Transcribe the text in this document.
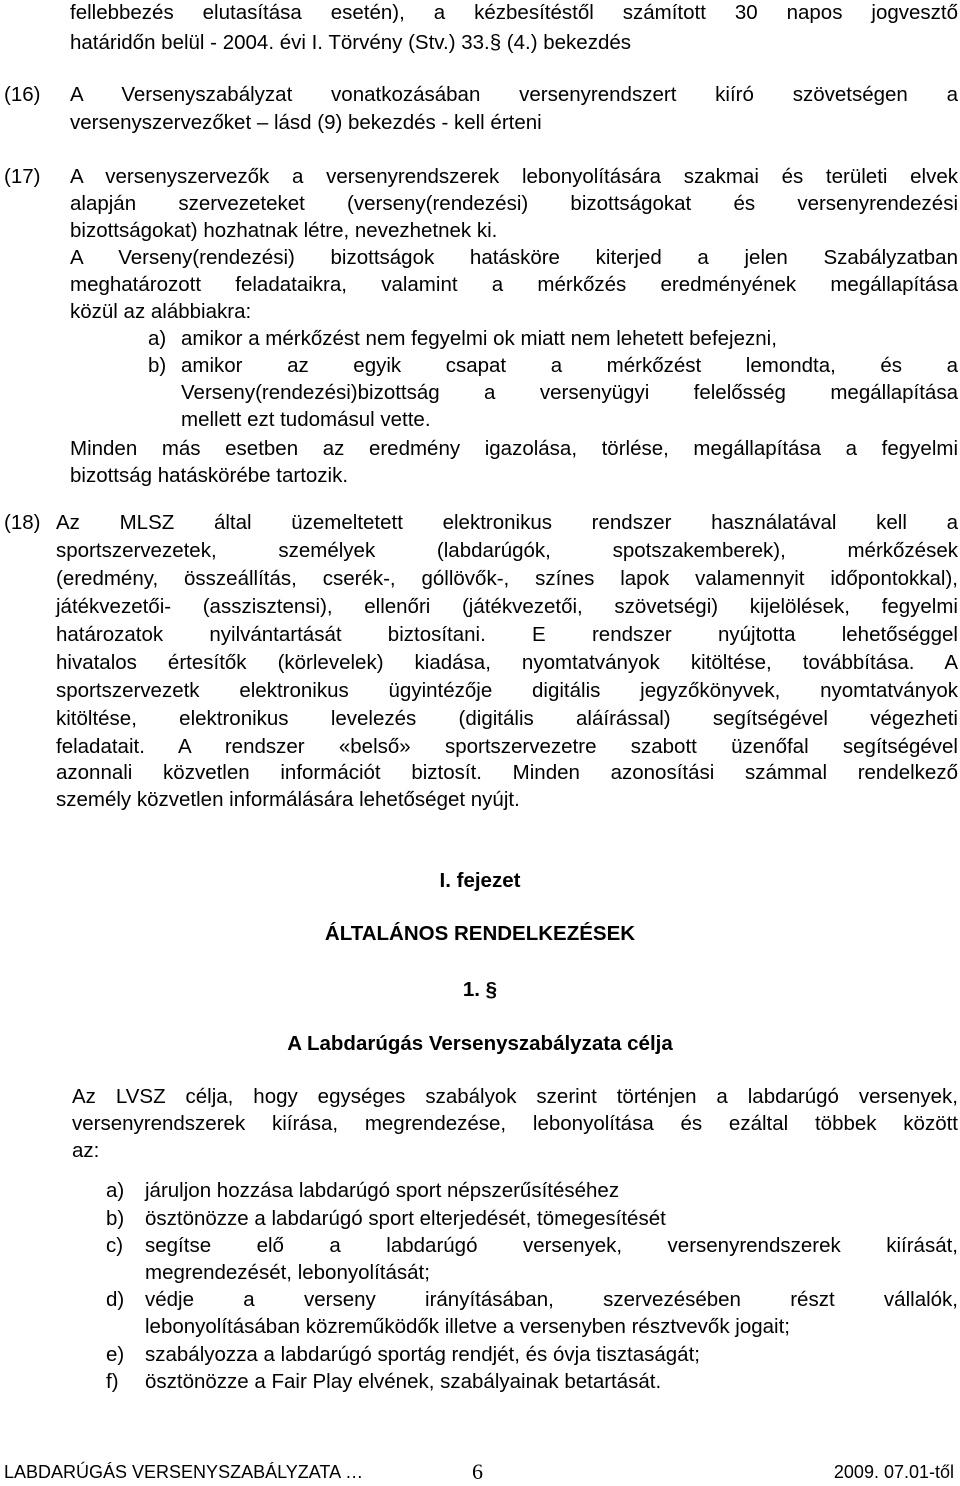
fellebbezés elutasítása esetén), a kézbesítéstől számított 30 napos jogvesztő
határidőn belül - 2004. évi I. Törvény (Stv.) 33.§ (4.) bekezdés
(16) A Versenyszabályzat vonatkozásában versenyrendszert kiíró szövetségen a
versenyszervezőket – lásd (9) bekezdés - kell érteni
(17) A versenyszervezők a versenyrendszerek lebonyolítására szakmai és területi elvek
alapján szervezeteket (verseny(rendezési) bizottságokat és versenyrendezési
bizottságokat) hozhatnak létre, nevezhetnek ki.
A Verseny(rendezési) bizottságok hatásköre kiterjed a jelen Szabályzatban
meghatározott feladataikra, valamint a mérkőzés eredményének megállapítása
közül az alábbiakra:
a) amikor a mérkőzést nem fegyelmi ok miatt nem lehetett befejezni,
b) amikor az egyik csapat a mérkőzést lemondta, és a
Verseny(rendezési)bizottság a versenyügyi felelősség megállapítása
mellett ezt tudomásul vette.
Minden más esetben az eredmény igazolása, törlése, megállapítása a fegyelmi
bizottság hatáskörébe tartozik.
(18) Az MLSZ által üzemeltetett elektronikus rendszer használatával kell a
sportszervezetek, személyek (labdarúgók, spotszakemberek), mérkőzések
(eredmény, összeállítás, cserék-, góllövők-, színes lapok valamennyit időpontokkal),
játékvezetői- (asszisztensi), ellenőri (játékvezetői, szövetségi) kijelölések, fegyelmi
határozatok nyilvántartását biztosítani. E rendszer nyújtotta lehetőséggel
hivatalos értesítők (körlevelek) kiadása, nyomtatványok kitöltése, továbbítása. A
sportszervezetk elektronikus ügyintézője digitális jegyzőkönyvek, nyomtatványok
kitöltése, elektronikus levelezés (digitális aláírással) segítségével végezheti
feladatait. A rendszer «belső» sportszervezetre szabott üzenőfal segítségével
azonnali közvetlen információt biztosít. Minden azonosítási számmal rendelkező
személy közvetlen informálására lehetőséget nyújt.
I. fejezet
ÁLTALÁNOS RENDELKEZÉSEK
1. §
A Labdarúgás Versenyszabályzata célja
Az LVSZ célja, hogy egységes szabályok szerint történjen a labdarúgó versenyek,
versenyrendszerek kiírása, megrendezése, lebonyolítása és ezáltal többek között
az:
a) járuljon hozzása labdarúgó sport népszerűsítéséhez
b) ösztönözze a labdarúgó sport elterjedését, tömegesítését
c) segítse elő a labdarúgó versenyek, versenyrendszerek kiírását,
megrendezését, lebonyolítását;
d) védje a verseny irányításában, szervezésében részt vállalók,
lebonyolításában közreműködők illetve a versenyben résztvevők jogait;
e) szabályozza a labdarúgó sportág rendjét, és óvja tisztaságát;
f) ösztönözze a Fair Play elvének, szabályainak betartását.
LABDARÚGÁS VERSENYSZABÁLYZATA …	6	2009. 07.01-től
